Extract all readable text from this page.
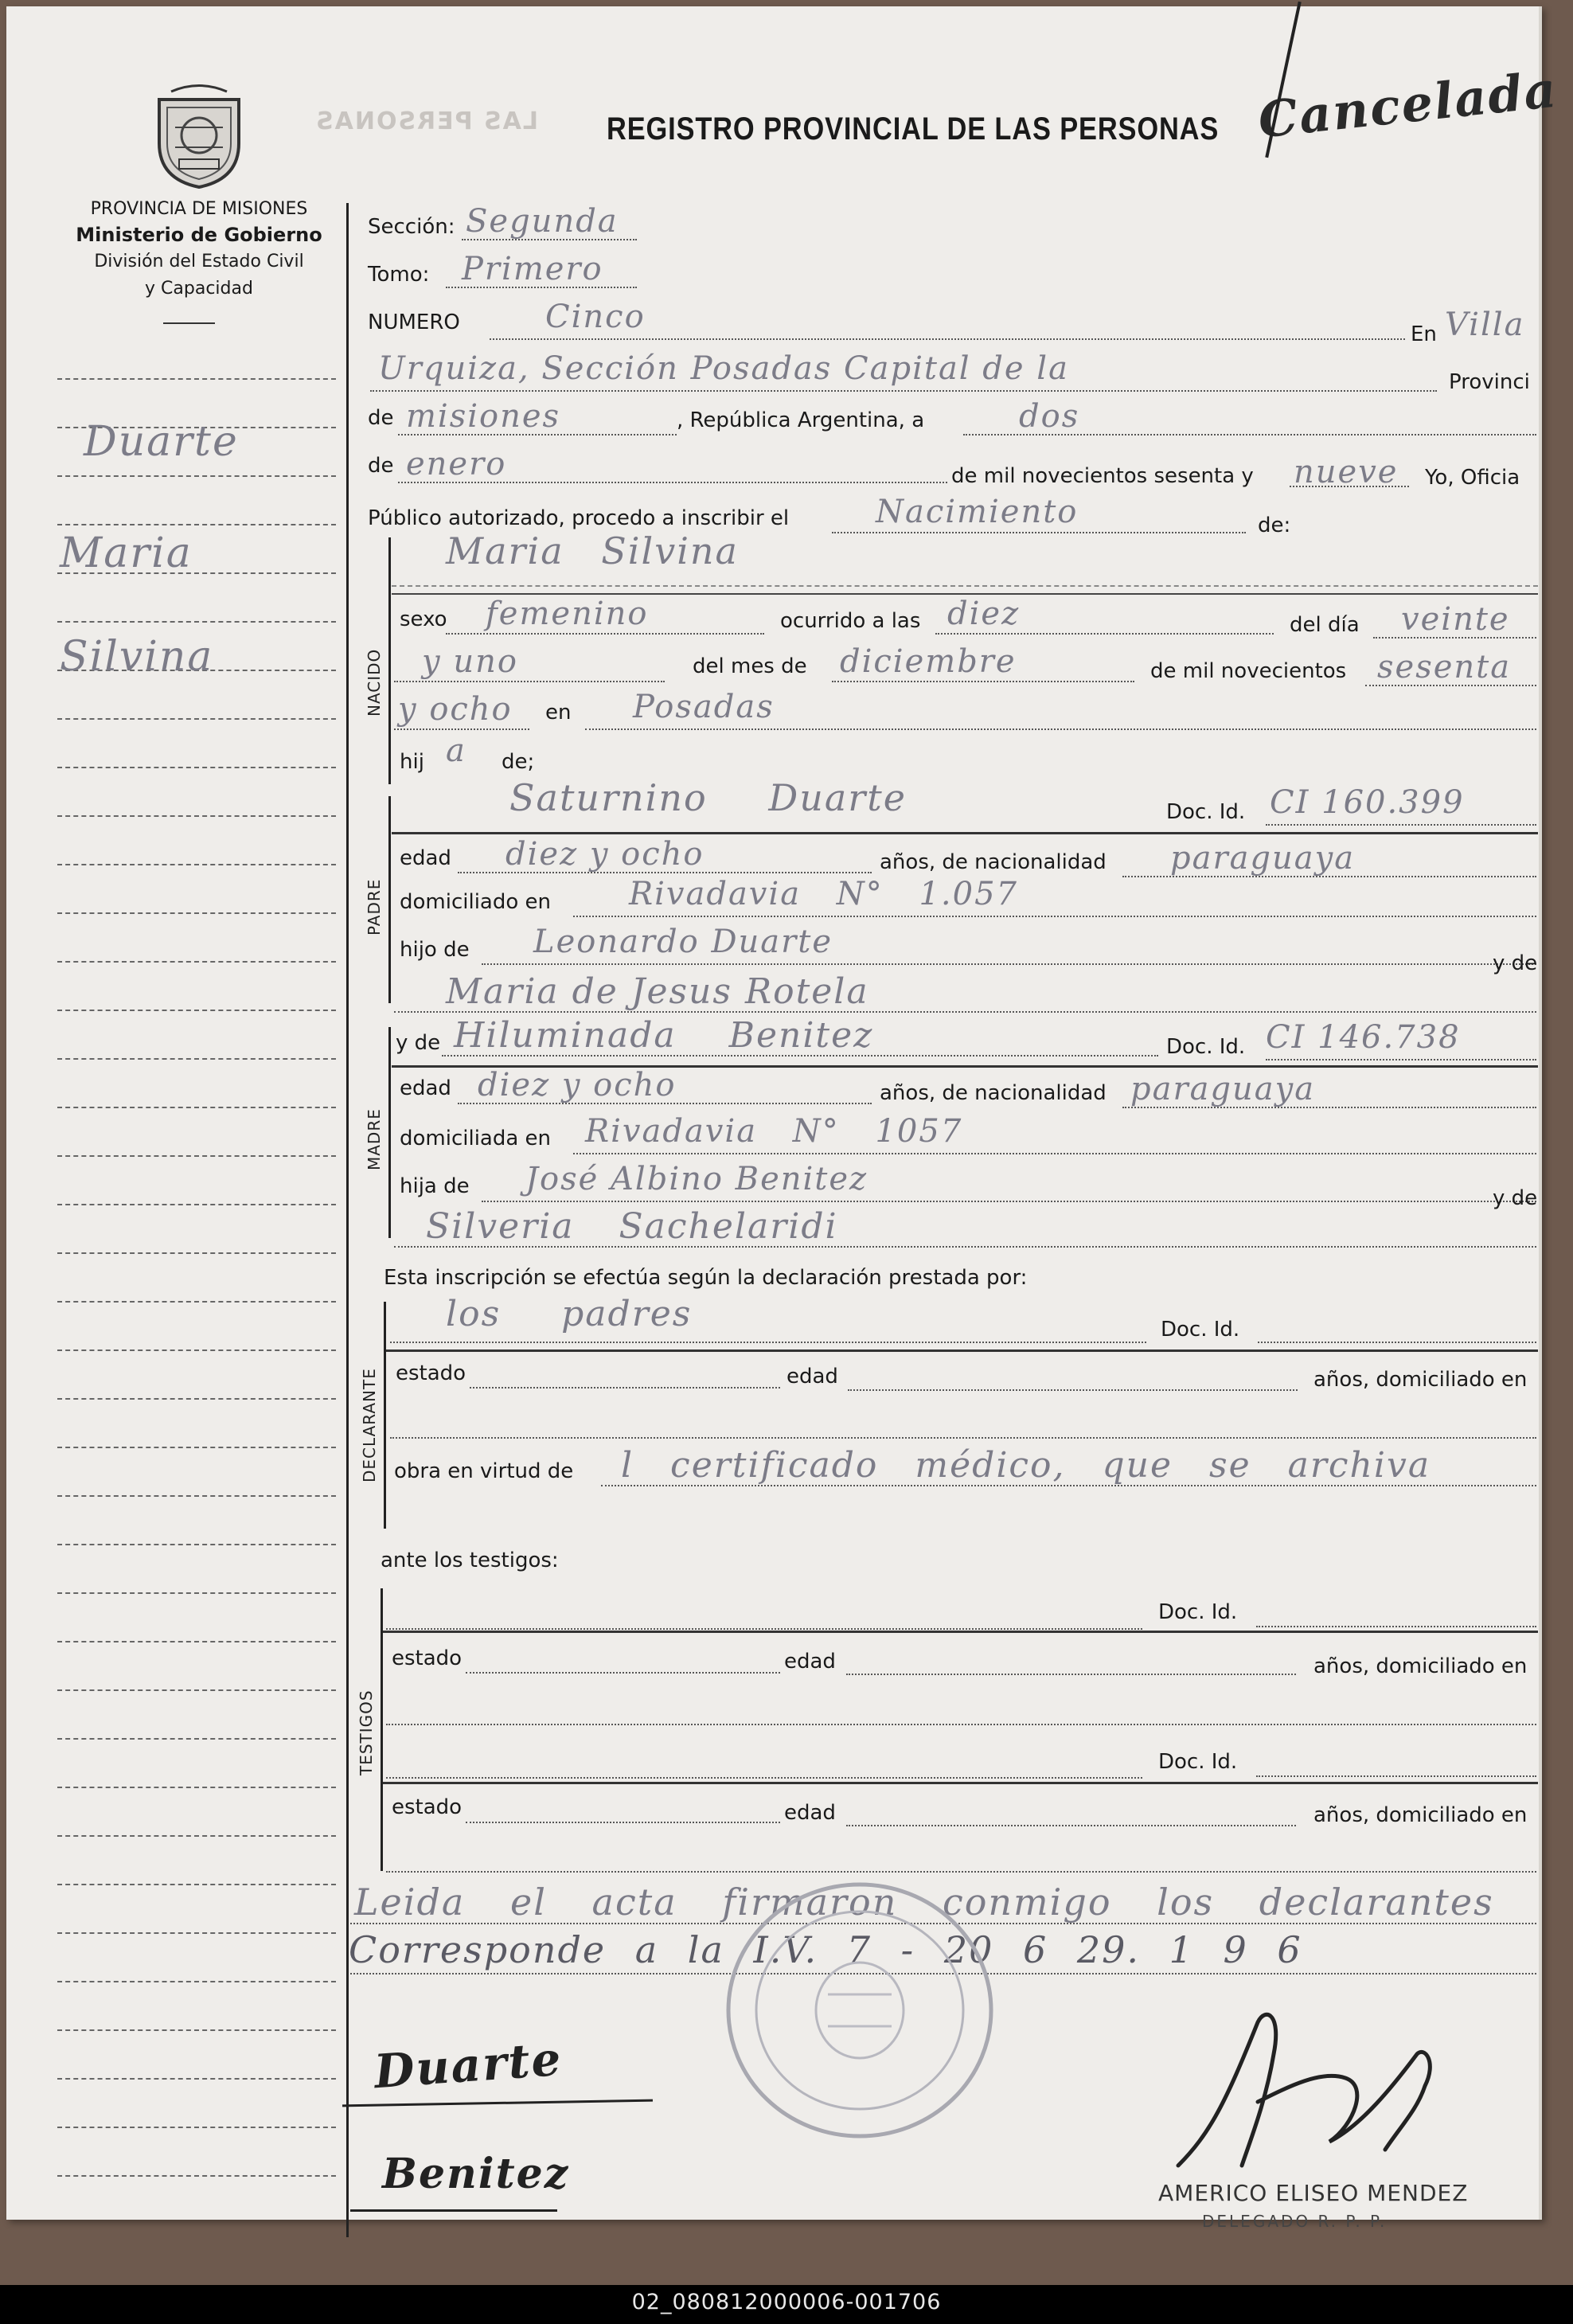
LAS PERSONAS
PROVINCIA DE MISIONES
Ministerio de Gobierno
División del Estado Civil
y Capacidad
Duarte
Maria
Silvina
REGISTRO PROVINCIAL DE LAS PERSONAS Cancelada
Sección: Segunda
Tomo: Primero
NUMERO	Cinco	En Villa
Urquiza, Sección Posadas Capital de la	Provinci
de misiones	, República Argentina, a	dos
de enero	de mil novecientos sesenta y nueve Yo, Oficia
Público autorizado, procedo a inscribir el	Nacimiento	de:
NACIDO
Maria Silvina
sexo femenino	ocurrido a las diez	del día veinte
y uno	del mes de diciembre	de mil novecientos sesenta
y ocho en Posadas
hij a de;
PADRE
Saturnino Duarte	Doc. Id. CI 160.399
edad diez y ocho	años, de nacionalidad paraguaya
domiciliado en Rivadavia N° 1.057
hijo de Leonardo Duarte
y de
Maria de Jesus Rotela
MADRE
y de Hiluminada Benitez	Doc. Id. CI 146.738
edad diez y ocho	años, de nacionalidad paraguaya
domiciliada en Rivadavia N° 1057
hija de José Albino Benitez
y de
Silveria Sachelaridi
Esta inscripción se efectúa según la declaración prestada por:
DECLARANTE
los padres	Doc. Id.
estado	edad	años, domiciliado en
obra en virtud de l certificado médico, que se archiva
ante los testigos:
TESTIGOS
Doc. Id.
estado	edad	años, domiciliado en
Doc. Id.
estado	edad	años, domiciliado en
Leida el acta firmaron conmigo los declarantes
Corresponde a la I.V. 7 - 20 6 29. 1 9 6
Duarte
Benitez	AMERICO ELISEO MENDEZ
DELEGADO R. P. P.
02_080812000006-001706
